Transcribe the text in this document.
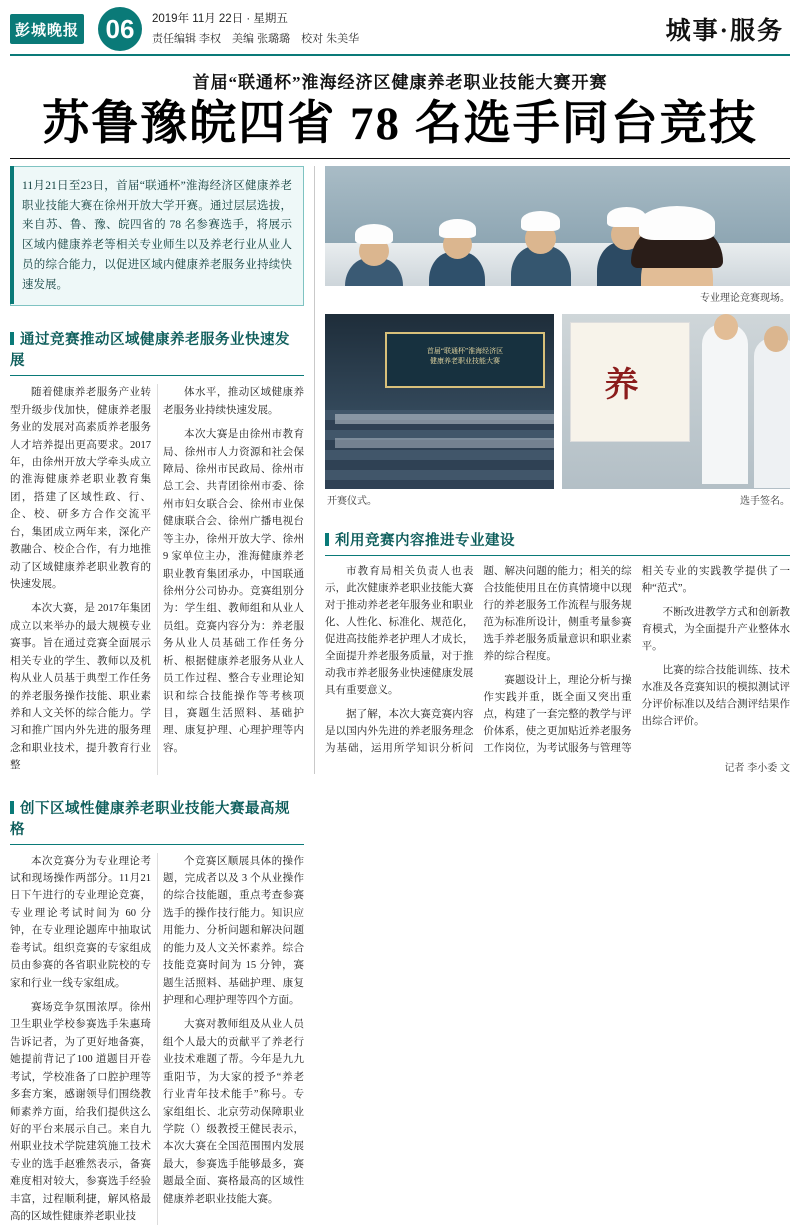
彭城晚报 06	2019年 11月 22日 · 星期五
责任编辑 李权　美编 张璐璐　校对 朱美华	城事·服务
首届“联通杯”淮海经济区健康养老职业技能大赛开赛
苏鲁豫皖四省 78 名选手同台竞技
11月21日至23日，首届“联通杯”淮海经济区健康养老职业技能大赛在徐州开放大学开赛。通过层层选拔，来自苏、鲁、豫、皖四省的 78 名参赛选手，将展示区域内健康养老等相关专业师生以及养老行业从业人员的综合能力，以促进区域内健康养老服务业持续快速发展。
通过竞赛推动区域健康养老服务业快速发展

随着健康养老服务产业转型升级步伐加快，健康养老服务业的发展对高素质养老服务人才培养提出更高要求。2017年，由徐州开放大学牵头成立的淮海健康养老职业教育集团，搭建了区域性政、行、企、校、研多方合作交流平台，集团成立两年来，深化产教融合、校企合作，有力地推动了区域健康养老职业教育的快速发展。

本次大赛，是 2017年集团成立以来举办的最大规模专业赛事。旨在通过竞赛全面展示相关专业的学生、教师以及机构从业人员基于典型工作任务的养老服务操作技能、职业素养和人文关怀的综合能力。学习和推广国内外先进的服务理念和职业技术，提升教育行业整

体水平，推动区域健康养老服务业持续快速发展。

本次大赛是由徐州市教育局、徐州市人力资源和社会保障局、徐州市民政局、徐州市总工会、共青团徐州市委、徐州市妇女联合会、徐州市业保健康联合会、徐州广播电视台等主办，徐州开放大学、徐州 9 家单位主办，淮海健康养老职业教育集团承办，中国联通徐州分公司协办。竞赛组别分为：学生组、教师组和从业人员组。竞赛内容分为：养老服务从业人员基础工作任务分析、根据健康养老服务从业人员工作过程、整合专业理论知识和综合技能操作等考核项目，赛题生活照料、基础护理、康复护理、心理护理等内容。

创下区域性健康养老职业技能大赛最高规格

本次竞赛分为专业理论考试和现场操作两部分。11月21日下午进行的专业理论竞赛，专业理论考试时间为 60 分钟，在专业理论题库中抽取试卷考试。组织竞赛的专家组成员由参赛的各省职业院校的专家和行业一线专家组成。

赛场竞争氛围浓厚。徐州卫生职业学校参赛选手朱惠琦告诉记者，为了更好地备赛，她提前背记了100 道题目开卷考试，学校准备了口腔护理等多套方案，感谢领导们围绕教师素养方面，给我们提供这么好的平台来展示自己。来自九州职业技术学院建筑施工技术专业的选手赵雅然表示，备赛难度相对较大，参赛选手经验丰富，过程顺利捷，解风格最高的区域性健康养老职业技

个竞赛区顺展具体的操作题，完成者以及 3 个从业操作的综合技能题，重点考查参赛选手的操作技行能力。知识应用能力、分析问题和解决问题的能力及人文关怀素养。综合技能竞赛时间为 15 分钟，赛题生活照料、基础护理、康复护理和心理护理等四个方面。

大赛对教师组及从业人员组个人最大的贡献平了养老行业技术难题了帮。今年是九九重阳节，为大家的授予“养老行业青年技术能手”称号。专家组组长、北京劳动保障职业学院（）级教授王健民表示，本次大赛在全国范围围内发展最大，参赛选手能够最多，赛题最全面、赛格最高的区域性健康养老职业技能大赛。

专业理论竞赛现场。
首届“联通杯”淮海经济区
健康养老职业技能大赛
养
开赛仪式。	选手签名。
利用竞赛内容推进专业建设

市教育局相关负责人也表示，此次健康养老职业技能大赛对于推动养老老年服务业和职业化、人性化、标准化、规范化，促进高技能养老护理人才成长，全面提升养老服务质量，对于推动我市养老服务业快速健康发展具有重要意义。

据了解，本次大赛竞赛内容是以国内外先进的养老服务理念为基础，运用所学知识分析问题、解决问题的能力；相关的综合技能使用且在仿真情境中以现行的养老服务工作流程与服务规范为标准所设计，侧重考量参赛选手养老服务质量意识和职业素养的综合程度。

赛题设计上，理论分析与操作实践并重，既全面又突出重点，构建了一套完整的教学与评价体系，使之更加贴近养老服务工作岗位，为考试服务与管理等相关专业的实践教学提供了一种“范式”。

不断改进教学方式和创新教育模式，为全面提升产业整体水平。

比赛的综合技能训练、技术水准及各竞赛知识的模拟测试评分评价标准以及结合测评结果作出综合评价。

记者 李小委 文
